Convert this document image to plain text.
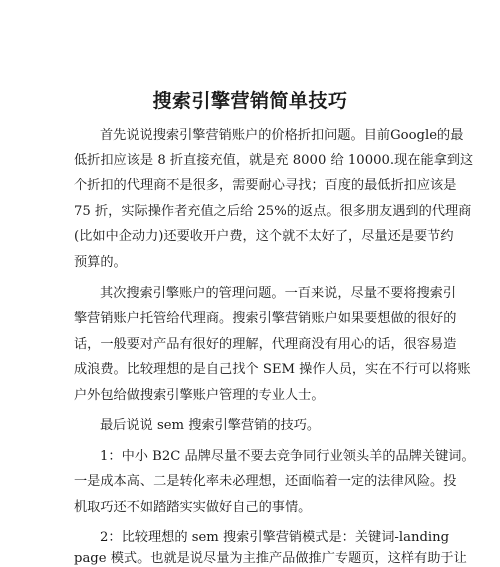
搜索引擎营销简单技巧

首先说说搜索引擎营销账户的价格折扣问题。目前Google的最

低折扣应该是 8 折直接充值，就是充 8000 给 10000.现在能拿到这

个折扣的代理商不是很多，需要耐心寻找；百度的最低折扣应该是

75 折，实际操作者充值之后给 25%的返点。很多朋友遇到的代理商

(比如中企动力)还要收开户费，这个就不太好了，尽量还是要节约

预算的。

其次搜索引擎账户的管理问题。一百来说，尽量不要将搜索引

擎营销账户托管给代理商。搜索引擎营销账户如果要想做的很好的

话，一般要对产品有很好的理解，代理商没有用心的话，很容易造

成浪费。比较理想的是自己找个 SEM 操作人员，实在不行可以将账

户外包给做搜索引擎账户管理的专业人士。

最后说说 sem 搜索引擎营销的技巧。

1：中小 B2C 品牌尽量不要去竞争同行业领头羊的品牌关键词。

一是成本高、二是转化率未必理想，还面临着一定的法律风险。投

机取巧还不如踏踏实实做好自己的事情。

2：比较理想的 sem 搜索引擎营销模式是：关键词-landing

page 模式。也就是说尽量为主推产品做推广专题页，这样有助于让
